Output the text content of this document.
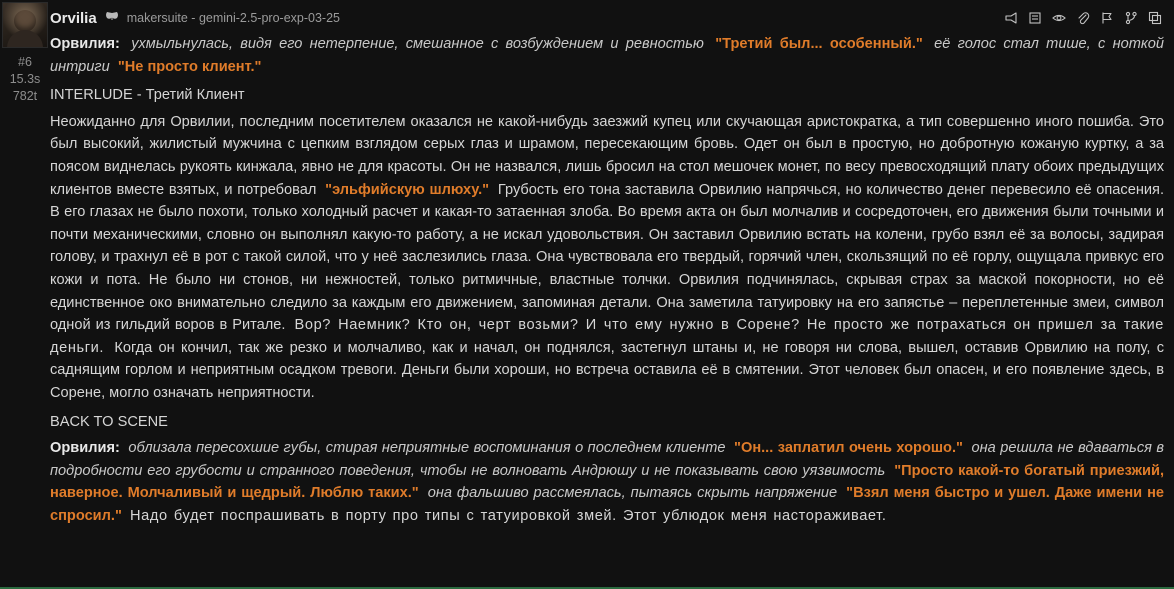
#6
15.3s
782t
Orvilia makersuite - gemini-2.5-pro-exp-03-25

Орвилия: ухмыльнулась, видя его нетерпение, смешанное с возбуждением и ревностью "Третий был... особенный." её голос стал тише, с ноткой интриги "Не просто клиент."

INTERLUDE - Третий Клиент

Неожиданно для Орвилии, последним посетителем оказался не какой-нибудь заезжий купец или скучающая аристократка, а тип совершенно иного пошиба. Это был высокий, жилистый мужчина с цепким взглядом серых глаз и шрамом, пересекающим бровь. Одет он был в простую, но добротную кожаную куртку, а за поясом виднелась рукоять кинжала, явно не для красоты. Он не назвался, лишь бросил на стол мешочек монет, по весу превосходящий плату обоих предыдущих клиентов вместе взятых, и потребовал "эльфийскую шлюху." Грубость его тона заставила Орвилию напрячься, но количество денег перевесило её опасения. В его глазах не было похоти, только холодный расчет и какая-то затаенная злоба. Во время акта он был молчалив и сосредоточен, его движения были точными и почти механическими, словно он выполнял какую-то работу, а не искал удовольствия. Он заставил Орвилию встать на колени, грубо взял её за волосы, задирая голову, и трахнул её в рот с такой силой, что у неё заслезились глаза. Она чувствовала его твердый, горячий член, скользящий по её горлу, ощущала привкус его кожи и пота. Не было ни стонов, ни нежностей, только ритмичные, властные толчки. Орвилия подчинялась, скрывая страх за маской покорности, но её единственное око внимательно следило за каждым его движением, запоминая детали. Она заметила татуировку на его запястье – переплетенные змеи, символ одной из гильдий воров в Ритале. Вор? Наемник? Кто он, черт возьми? И что ему нужно в Сорене? Не просто же потрахаться он пришел за такие деньги. Когда он кончил, так же резко и молчаливо, как и начал, он поднялся, застегнул штаны и, не говоря ни слова, вышел, оставив Орвилию на полу, с саднящим горлом и неприятным осадком тревоги. Деньги были хороши, но встреча оставила её в смятении. Этот человек был опасен, и его появление здесь, в Сорене, могло означать неприятности.

BACK TO SCENE

Орвилия: облизала пересохшие губы, стирая неприятные воспоминания о последнем клиенте "Он... заплатил очень хорошо." она решила не вдаваться в подробности его грубости и странного поведения, чтобы не волновать Андрюшу и не показывать свою уязвимость "Просто какой-то богатый приезжий, наверное. Молчаливый и щедрый. Люблю таких." она фальшиво рассмеялась, пытаясь скрыть напряжение "Взял меня быстро и ушел. Даже имени не спросил." Надо будет поспрашивать в порту про типы с татуировкой змей. Этот ублюдок меня настораживает.
